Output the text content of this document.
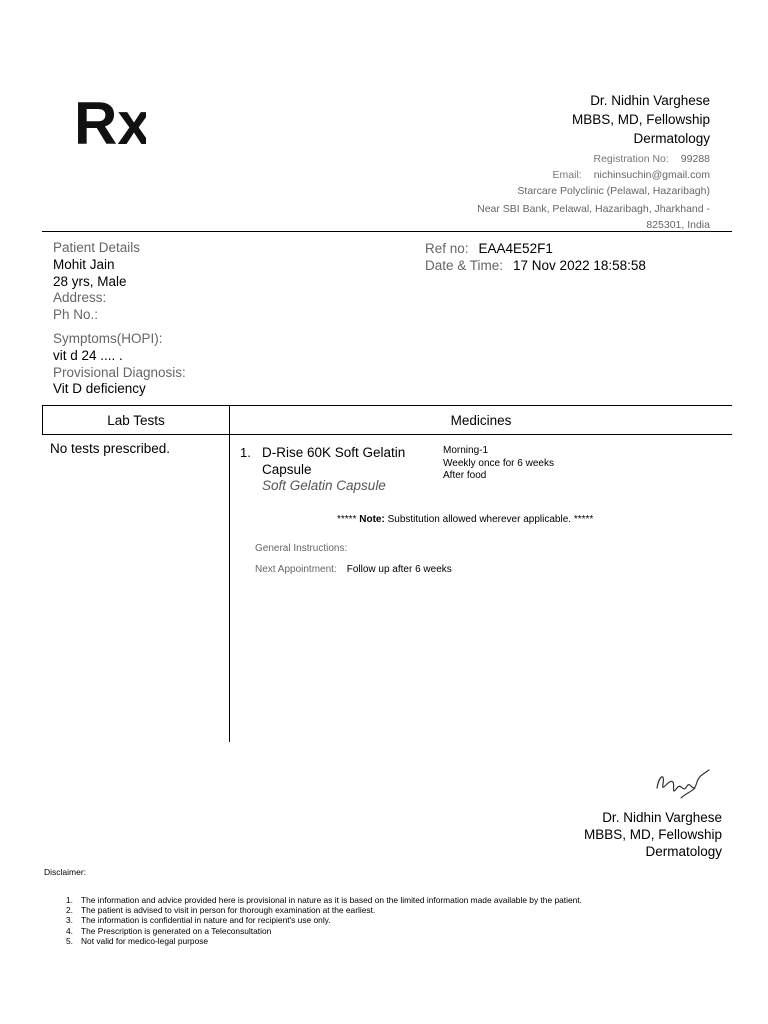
Rx	Dr. Nidhin Varghese
MBBS, MD, Fellowship
Dermatology
Registration No: 99288
Email: nichinsuchin@gmail.com
Starcare Polyclinic (Pelawal, Hazaribagh)
Near SBI Bank, Pelawal, Hazaribagh, Jharkhand -
825301, India
Patient Details
Mohit Jain
28 yrs, Male
Address:
Ph No.:
Symptoms(HOPI):
vit d 24 .... .
Provisional Diagnosis:
Vit D deficiency
Ref no: EAA4E52F1
Date & Time: 17 Nov 2022 18:58:58
Lab Tests	Medicines
No tests prescribed.	1. D-Rise 60K Soft Gelatin Capsule
Soft Gelatin Capsule
Morning-1
Weekly once for 6 weeks
After food
***** Note: Substitution allowed wherever applicable. *****
General Instructions:
Next Appointment: Follow up after 6 weeks
Dr. Nidhin Varghese
MBBS, MD, Fellowship
Dermatology
Disclaimer:
1. The information and advice provided here is provisional in nature as it is based on the limited information made available by the patient.
2. The patient is advised to visit in person for thorough examination at the earliest.
3. The information is confidential in nature and for recipient's use only.
4. The Prescription is generated on a Teleconsultation
5. Not valid for medico-legal purpose
